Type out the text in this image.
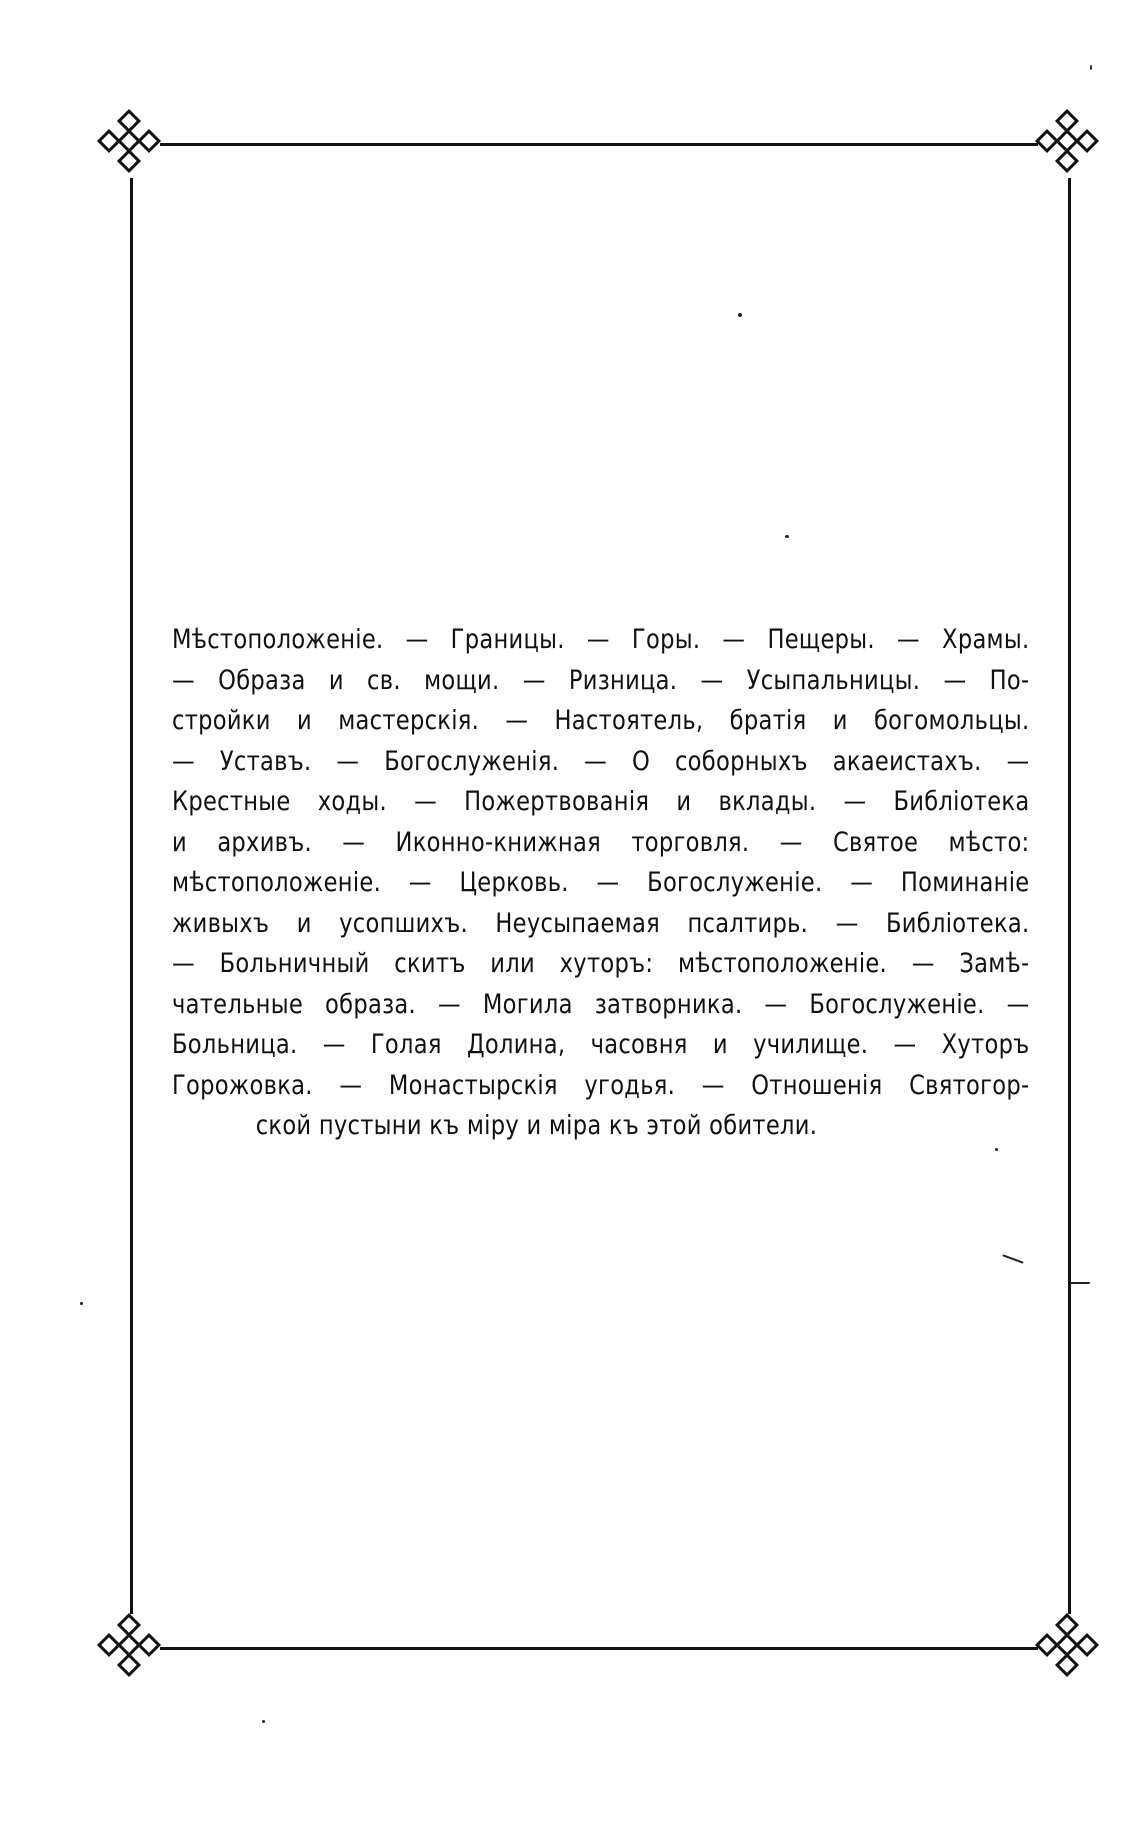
Мѣстоположеніе. — Границы. — Горы. — Пещеры. — Храмы.
— Образа и св. мощи. — Ризница. — Усыпальницы. — По-
стройки и мастерскія. — Настоятель, братія и богомольцы.
— Уставъ. — Богослуженія. — О соборныхъ акаеистахъ. —
Крестные ходы. — Пожертвованія и вклады. — Библіотека
и архивъ. — Иконно-книжная торговля. — Святое мѣсто:
мѣстоположеніе. — Церковь. — Богослуженіе. — Поминаніе
живыхъ и усопшихъ. Неусыпаемая псалтирь. — Библіотека.
— Больничный скитъ или хуторъ: мѣстоположеніе. — Замѣ-
чательные образа. — Могила затворника. — Богослуженіе. —
Больница. — Голая Долина, часовня и училище. — Хуторъ
Горожовка. — Монастырскія угодья. — Отношенія Святогор-
ской пустыни къ міру и міра къ этой обители.
